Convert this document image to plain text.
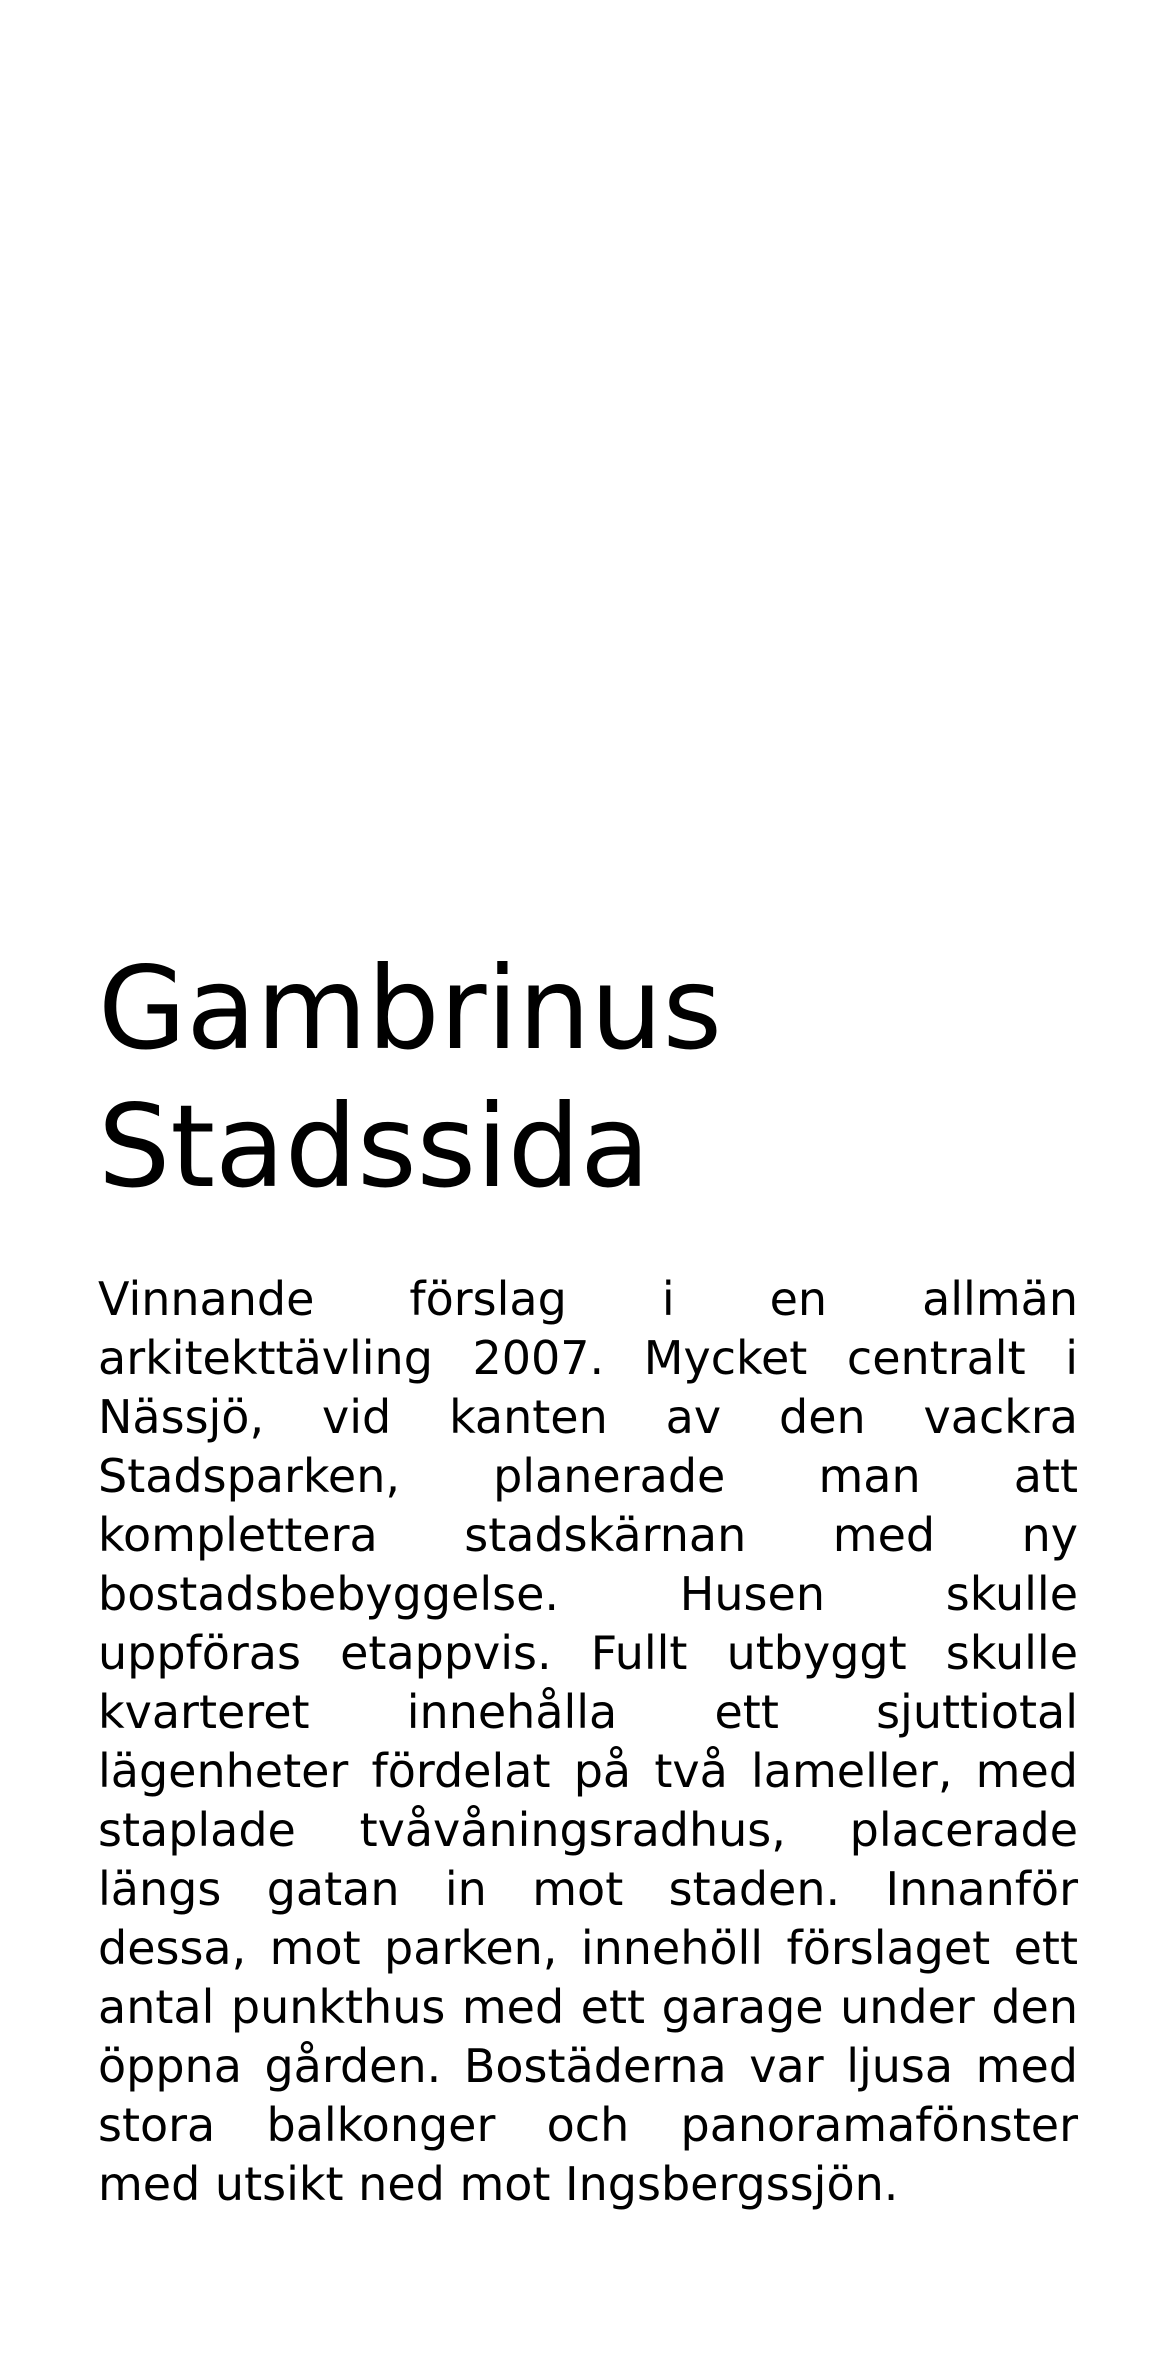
Gambrinus
Stadssida

Vinnande förslag i en allmän arkitekttävling 2007. Mycket centralt i Nässjö, vid kanten av den vackra Stadsparken, planerade man att komplettera stadskärnan med ny bostadsbebyggelse. Husen skulle uppföras etappvis. Fullt utbyggt skulle kvarteret innehålla ett sjuttiotal lägenheter fördelat på två lameller, med staplade tvåvåningsradhus, placerade längs gatan in mot staden. Innanför dessa, mot parken, innehöll förslaget ett antal punkthus med ett garage under den öppna gården. Bostäderna var ljusa med stora balkonger och panoramafönster med utsikt ned mot Ingsbergssjön.
